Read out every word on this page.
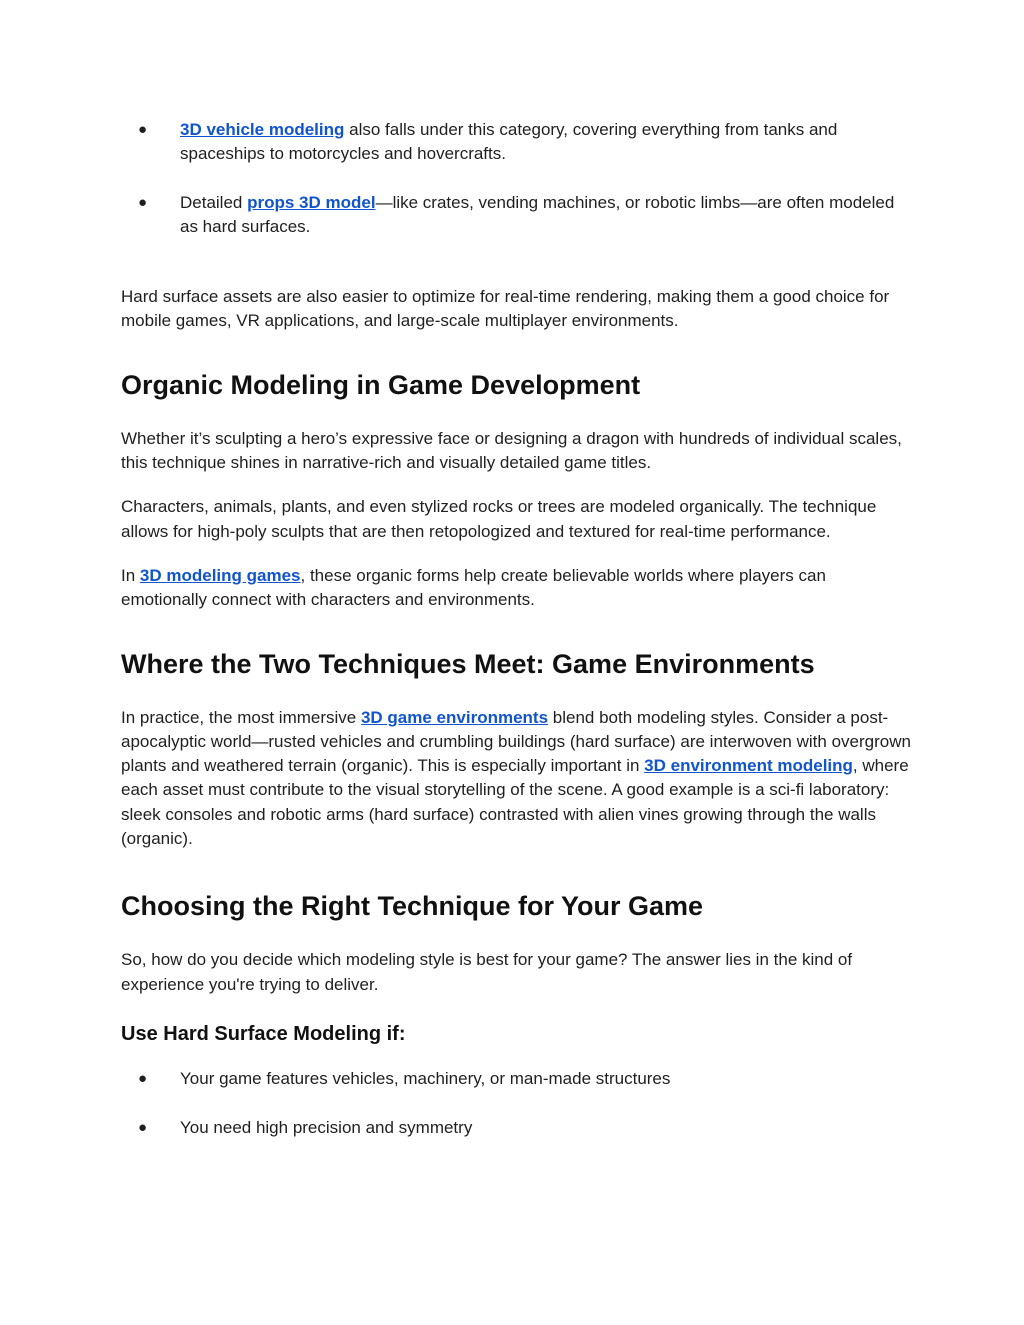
● 3D vehicle modeling also falls under this category, covering everything from tanks and spaceships to motorcycles and hovercrafts.
● Detailed props 3D model—like crates, vending machines, or robotic limbs—are often modeled as hard surfaces.

Hard surface assets are also easier to optimize for real-time rendering, making them a good choice for mobile games, VR applications, and large-scale multiplayer environments.

Organic Modeling in Game Development

Whether it’s sculpting a hero’s expressive face or designing a dragon with hundreds of individual scales, this technique shines in narrative-rich and visually detailed game titles.

Characters, animals, plants, and even stylized rocks or trees are modeled organically. The technique allows for high-poly sculpts that are then retopologized and textured for real-time performance.

In 3D modeling games, these organic forms help create believable worlds where players can emotionally connect with characters and environments.

Where the Two Techniques Meet: Game Environments

In practice, the most immersive 3D game environments blend both modeling styles. Consider a post-apocalyptic world—rusted vehicles and crumbling buildings (hard surface) are interwoven with overgrown plants and weathered terrain (organic). This is especially important in 3D environment modeling, where each asset must contribute to the visual storytelling of the scene. A good example is a sci-fi laboratory: sleek consoles and robotic arms (hard surface) contrasted with alien vines growing through the walls (organic).

Choosing the Right Technique for Your Game

So, how do you decide which modeling style is best for your game? The answer lies in the kind of experience you're trying to deliver.

Use Hard Surface Modeling if:
● Your game features vehicles, machinery, or man-made structures
● You need high precision and symmetry
